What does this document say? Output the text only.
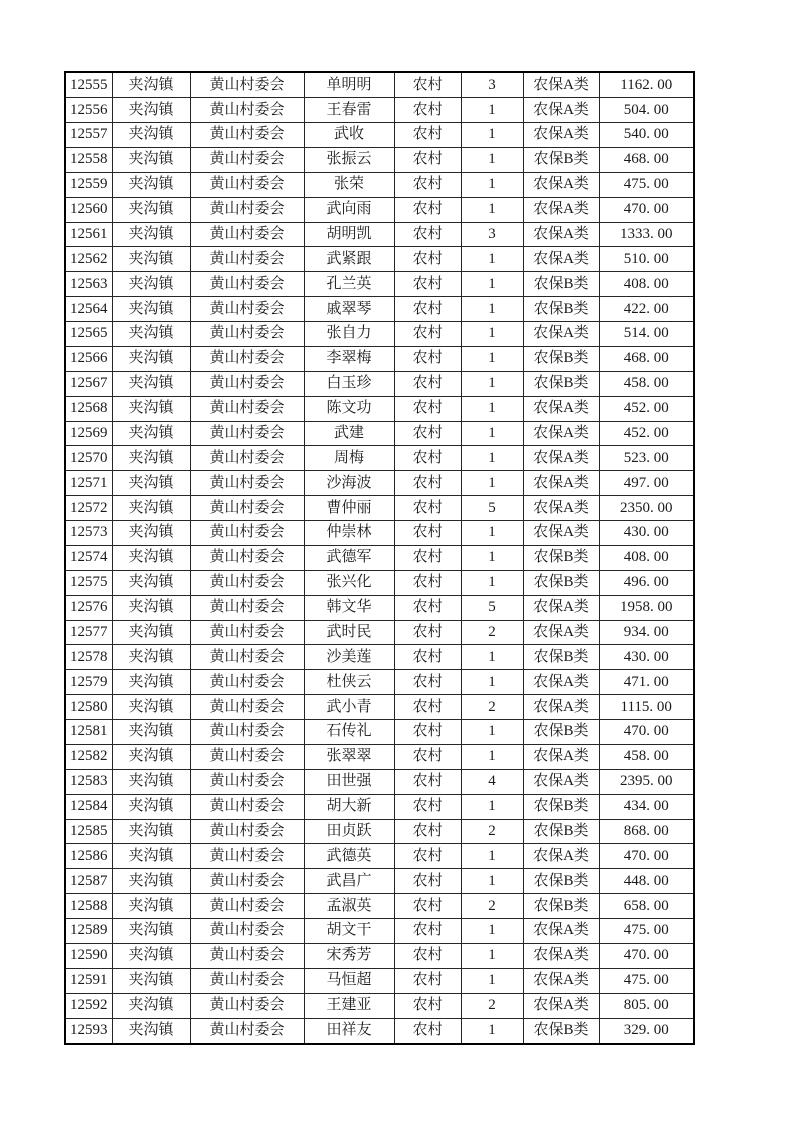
12555	夹沟镇	黄山村委会	单明明	农村	3	农保A类	1162. 00
12556	夹沟镇	黄山村委会	王春雷	农村	1	农保A类	504. 00
12557	夹沟镇	黄山村委会	武收	农村	1	农保A类	540. 00
12558	夹沟镇	黄山村委会	张振云	农村	1	农保B类	468. 00
12559	夹沟镇	黄山村委会	张荣	农村	1	农保A类	475. 00
12560	夹沟镇	黄山村委会	武向雨	农村	1	农保A类	470. 00
12561	夹沟镇	黄山村委会	胡明凯	农村	3	农保A类	1333. 00
12562	夹沟镇	黄山村委会	武紧跟	农村	1	农保A类	510. 00
12563	夹沟镇	黄山村委会	孔兰英	农村	1	农保B类	408. 00
12564	夹沟镇	黄山村委会	戚翠琴	农村	1	农保B类	422. 00
12565	夹沟镇	黄山村委会	张自力	农村	1	农保A类	514. 00
12566	夹沟镇	黄山村委会	李翠梅	农村	1	农保B类	468. 00
12567	夹沟镇	黄山村委会	白玉珍	农村	1	农保B类	458. 00
12568	夹沟镇	黄山村委会	陈文功	农村	1	农保A类	452. 00
12569	夹沟镇	黄山村委会	武建	农村	1	农保A类	452. 00
12570	夹沟镇	黄山村委会	周梅	农村	1	农保A类	523. 00
12571	夹沟镇	黄山村委会	沙海波	农村	1	农保A类	497. 00
12572	夹沟镇	黄山村委会	曹仲丽	农村	5	农保A类	2350. 00
12573	夹沟镇	黄山村委会	仲崇林	农村	1	农保A类	430. 00
12574	夹沟镇	黄山村委会	武德军	农村	1	农保B类	408. 00
12575	夹沟镇	黄山村委会	张兴化	农村	1	农保B类	496. 00
12576	夹沟镇	黄山村委会	韩文华	农村	5	农保A类	1958. 00
12577	夹沟镇	黄山村委会	武时民	农村	2	农保A类	934. 00
12578	夹沟镇	黄山村委会	沙美莲	农村	1	农保B类	430. 00
12579	夹沟镇	黄山村委会	杜侠云	农村	1	农保A类	471. 00
12580	夹沟镇	黄山村委会	武小青	农村	2	农保A类	1115. 00
12581	夹沟镇	黄山村委会	石传礼	农村	1	农保B类	470. 00
12582	夹沟镇	黄山村委会	张翠翠	农村	1	农保A类	458. 00
12583	夹沟镇	黄山村委会	田世强	农村	4	农保A类	2395. 00
12584	夹沟镇	黄山村委会	胡大新	农村	1	农保B类	434. 00
12585	夹沟镇	黄山村委会	田贞跃	农村	2	农保B类	868. 00
12586	夹沟镇	黄山村委会	武德英	农村	1	农保A类	470. 00
12587	夹沟镇	黄山村委会	武昌广	农村	1	农保B类	448. 00
12588	夹沟镇	黄山村委会	孟淑英	农村	2	农保B类	658. 00
12589	夹沟镇	黄山村委会	胡文干	农村	1	农保A类	475. 00
12590	夹沟镇	黄山村委会	宋秀芳	农村	1	农保A类	470. 00
12591	夹沟镇	黄山村委会	马恒超	农村	1	农保A类	475. 00
12592	夹沟镇	黄山村委会	王建亚	农村	2	农保A类	805. 00
12593	夹沟镇	黄山村委会	田祥友	农村	1	农保B类	329. 00
